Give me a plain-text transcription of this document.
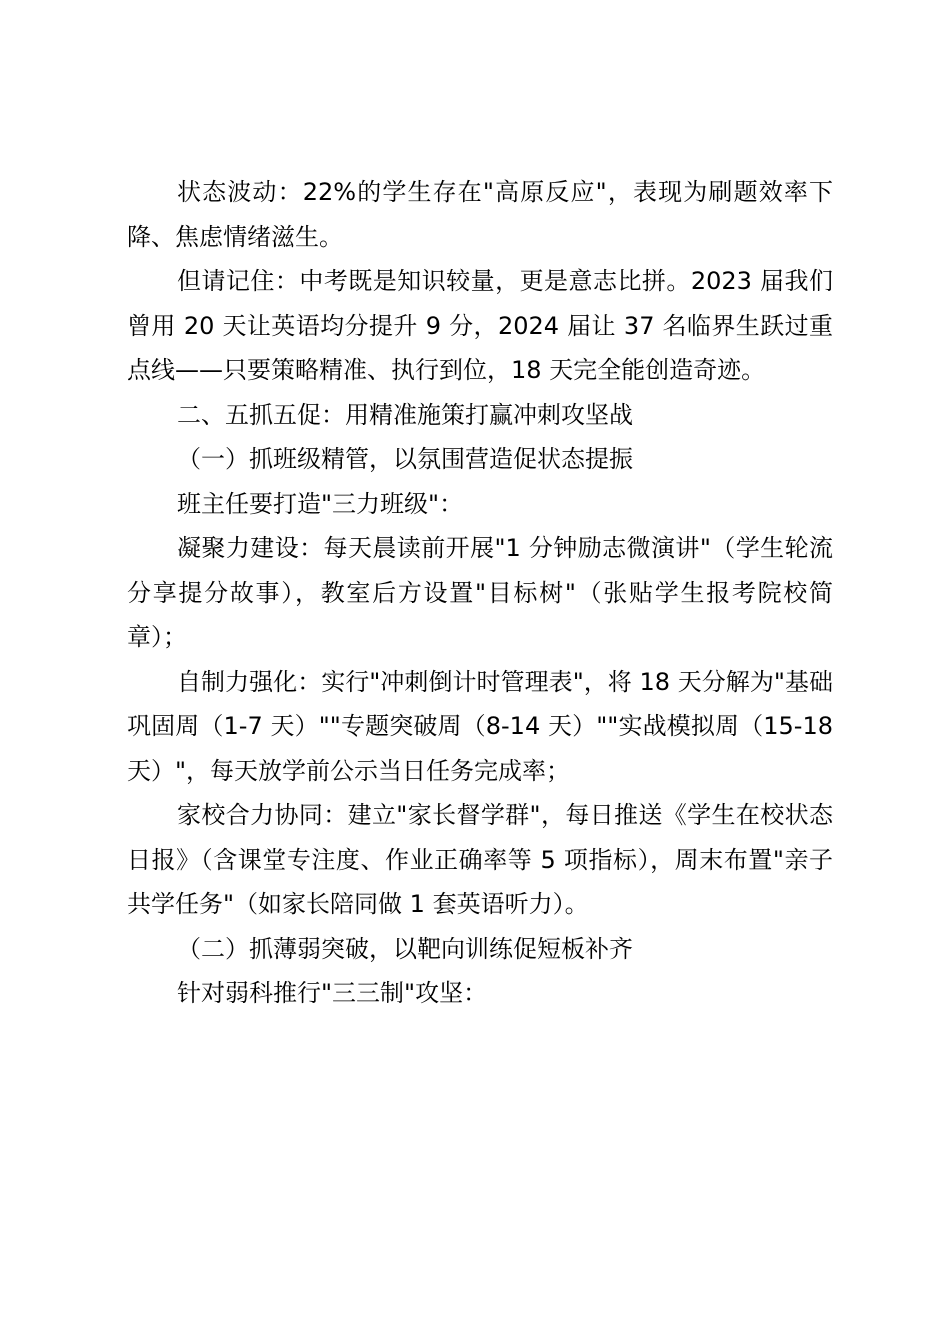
状态波动：22%的学生存在"高原反应"，表现为刷题效率下降、焦虑情绪滋生。

但请记住：中考既是知识较量，更是意志比拼。2023 届我们曾用 20 天让英语均分提升 9 分，2024 届让 37 名临界生跃过重点线——只要策略精准、执行到位，18 天完全能创造奇迹。

二、五抓五促：用精准施策打赢冲刺攻坚战

（一）抓班级精管，以氛围营造促状态提振

班主任要打造"三力班级"：

凝聚力建设：每天晨读前开展"1 分钟励志微演讲"（学生轮流分享提分故事），教室后方设置"目标树"（张贴学生报考院校简章）；

自制力强化：实行"冲刺倒计时管理表"，将 18 天分解为"基础巩固周（1-7 天）""专题突破周（8-14 天）""实战模拟周（15-18 天）"，每天放学前公示当日任务完成率；

家校合力协同：建立"家长督学群"，每日推送《学生在校状态日报》（含课堂专注度、作业正确率等 5 项指标），周末布置"亲子共学任务"（如家长陪同做 1 套英语听力）。

（二）抓薄弱突破，以靶向训练促短板补齐

针对弱科推行"三三制"攻坚：
